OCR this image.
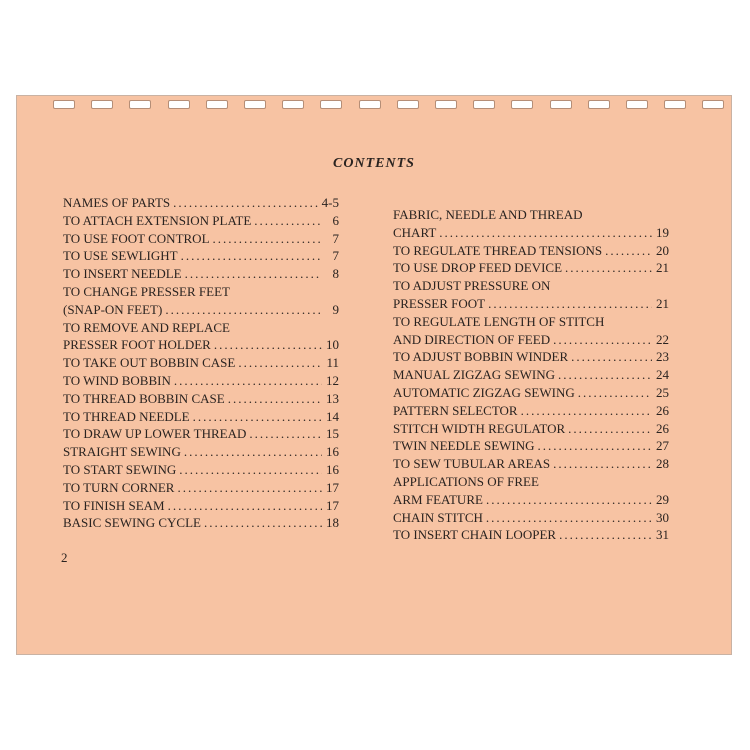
CONTENTS
NAMES OF PARTS .....	4-5
TO ATTACH EXTENSION PLATE .....	6
TO USE FOOT CONTROL .....	7
TO USE SEWLIGHT .....	7
TO INSERT NEEDLE .....	8
TO CHANGE PRESSER FEET
(SNAP-ON FEET) .....	9
TO REMOVE AND REPLACE
PRESSER FOOT HOLDER .....	10
TO TAKE OUT BOBBIN CASE .....	11
TO WIND BOBBIN .....	12
TO THREAD BOBBIN CASE .....	13
TO THREAD NEEDLE .....	14
TO DRAW UP LOWER THREAD .....	15
STRAIGHT SEWING .....	16
TO START SEWING .....	16
TO TURN CORNER .....	17
TO FINISH SEAM .....	17
BASIC SEWING CYCLE .....	18
FABRIC, NEEDLE AND THREAD
CHART .....	19
TO REGULATE THREAD TENSIONS .....	20
TO USE DROP FEED DEVICE .....	21
TO ADJUST PRESSURE ON
PRESSER FOOT .....	21
TO REGULATE LENGTH OF STITCH
AND DIRECTION OF FEED .....	22
TO ADJUST BOBBIN WINDER .....	23
MANUAL ZIGZAG SEWING .....	24
AUTOMATIC ZIGZAG SEWING .....	25
PATTERN SELECTOR .....	26
STITCH WIDTH REGULATOR .....	26
TWIN NEEDLE SEWING .....	27
TO SEW TUBULAR AREAS .....	28
APPLICATIONS OF FREE
ARM FEATURE .....	29
CHAIN STITCH .....	30
TO INSERT CHAIN LOOPER .....	31
2
